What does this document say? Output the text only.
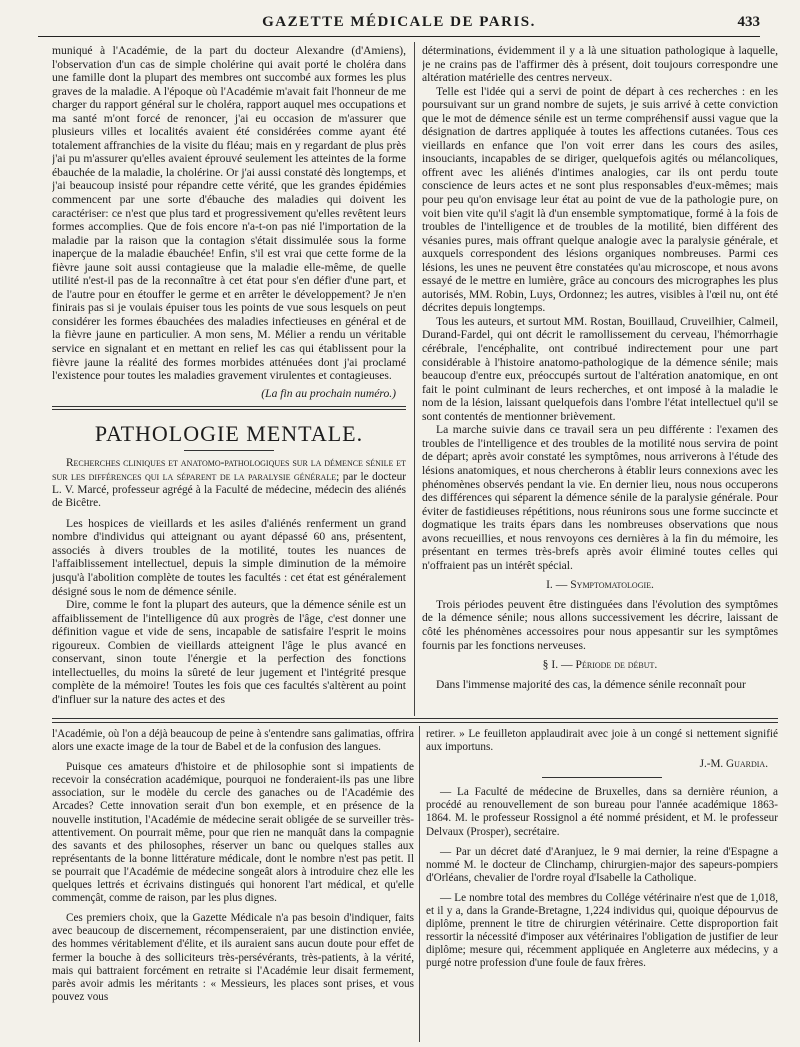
GAZETTE MÉDICALE DE PARIS.	433

muniqué à l'Académie, de la part du docteur Alexandre (d'Amiens), l'observation d'un cas de simple cholérine qui avait porté le choléra dans une famille dont la plupart des membres ont succombé aux formes les plus graves de la maladie. A l'époque où l'Académie m'avait fait l'honneur de me charger du rapport général sur le choléra, rapport auquel mes occupations et ma santé m'ont forcé de renoncer, j'ai eu occasion de m'assurer que plusieurs villes et localités avaient été considérées comme ayant été totalement affranchies de la visite du fléau; mais en y regardant de plus près j'ai pu m'assurer qu'elles avaient éprouvé seulement les atteintes de la forme ébauchée de la maladie, la cholérine. Or j'ai aussi constaté dès longtemps, et j'ai beaucoup insisté pour répandre cette vérité, que les grandes épidémies commencent par une sorte d'ébauche des maladies qui doivent les caractériser: ce n'est que plus tard et progressivement qu'elles revêtent leurs formes accomplies. Que de fois encore n'a-t-on pas nié l'importation de la maladie par la raison que la contagion s'était dissimulée sous la forme inaperçue de la maladie ébauchée! Enfin, s'il est vrai que cette forme de la fièvre jaune soit aussi contagieuse que la maladie elle-même, de quelle utilité n'est-il pas de la reconnaître à cet état pour s'en défier d'une part, et de l'autre pour en étouffer le germe et en arrêter le développement? Je n'en finirais pas si je voulais épuiser tous les points de vue sous lesquels on peut considérer les formes ébauchées des maladies infectieuses en général et de la fièvre jaune en particulier. A mon sens, M. Mélier a rendu un véritable service en signalant et en mettant en relief les cas qui établissent pour la fièvre jaune la réalité des formes morbides atténuées dont j'ai proclamé l'existence pour toutes les maladies gravement virulentes et contagieuses.

(La fin au prochain numéro.)
PATHOLOGIE MENTALE.
Recherches cliniques et anatomo-pathologiques sur la démence sénile et sur les différences qui la séparent de la paralysie générale; par le docteur L. V. Marcé, professeur agrégé à la Faculté de médecine, médecin des aliénés de Bicêtre.

Les hospices de vieillards et les asiles d'aliénés renferment un grand nombre d'individus qui atteignant ou ayant dépassé 60 ans, présentent, associés à divers troubles de la motilité, toutes les nuances de l'affaiblissement intellectuel, depuis la simple diminution de la mémoire jusqu'à l'abolition complète de toutes les facultés : cet état est généralement désigné sous le nom de démence sénile.

Dire, comme le font la plupart des auteurs, que la démence sénile est un affaiblissement de l'intelligence dû aux progrès de l'âge, c'est donner une définition vague et vide de sens, incapable de satisfaire l'esprit le moins rigoureux. Combien de vieillards atteignent l'âge le plus avancé en conservant, sinon toute l'énergie et la perfection des fonctions intellectuelles, du moins la sûreté de leur jugement et l'intégrité presque complète de la mémoire! Toutes les fois que ces facultés s'altèrent au point d'influer sur la nature des actes et des

déterminations, évidemment il y a là une situation pathologique à laquelle, je ne crains pas de l'affirmer dès à présent, doit toujours correspondre une altération matérielle des centres nerveux.

Telle est l'idée qui a servi de point de départ à ces recherches : en les poursuivant sur un grand nombre de sujets, je suis arrivé à cette conviction que le mot de démence sénile est un terme compréhensif aussi vague que la désignation de dartres appliquée à toutes les affections cutanées. Tous ces vieillards en enfance que l'on voit errer dans les cours des asiles, insouciants, incapables de se diriger, quelquefois agités ou mélancoliques, offrent avec les aliénés d'intimes analogies, car ils ont perdu toute conscience de leurs actes et ne sont plus responsables d'eux-mêmes; mais pour peu qu'on envisage leur état au point de vue de la pathologie pure, on voit bien vite qu'il s'agit là d'un ensemble symptomatique, formé à la fois de troubles de l'intelligence et de troubles de la motilité, bien différent des vésanies pures, mais offrant quelque analogie avec la paralysie générale, et auxquels correspondent des lésions organiques nombreuses. Parmi ces lésions, les unes ne peuvent être constatées qu'au microscope, et nous avons essayé de le mettre en lumière, grâce au concours des micrographes les plus autorisés, MM. Robin, Luys, Ordonnez; les autres, visibles à l'œil nu, ont été décrites depuis longtemps.

Tous les auteurs, et surtout MM. Rostan, Bouillaud, Cruveilhier, Calmeil, Durand-Fardel, qui ont décrit le ramollissement du cerveau, l'hémorrhagie cérébrale, l'encéphalite, ont contribué indirectement pour une part considérable à l'histoire anatomo-pathologique de la démence sénile; mais beaucoup d'entre eux, préoccupés surtout de l'altération anatomique, en ont fait le point culminant de leurs recherches, et ont imposé à la maladie le nom de la lésion, laissant quelquefois dans l'ombre l'état intellectuel qu'il se sont contentés de mentionner brièvement.

La marche suivie dans ce travail sera un peu différente : l'examen des troubles de l'intelligence et des troubles de la motilité nous servira de point de départ; après avoir constaté les symptômes, nous arriverons à l'étude des lésions anatomiques, et nous chercherons à établir leurs connexions avec les phénomènes observés pendant la vie. En dernier lieu, nous nous occuperons des différences qui séparent la démence sénile de la paralysie générale. Pour éviter de fastidieuses répétitions, nous réunirons sous une forme succincte et dogmatique les traits épars dans les nombreuses observations que nous avons recueillies, et nous renvoyons ces dernières à la fin du mémoire, les présentant en termes très-brefs après avoir éliminé toutes celles qui n'offraient pas un intérêt spécial.

I. — Symptomatologie.

Trois périodes peuvent être distinguées dans l'évolution des symptômes de la démence sénile; nous allons successivement les décrire, laissant de côté les phénomènes accessoires pour nous appesantir sur les symptômes fournis par les fonctions nerveuses.

§ I. — Période de début.

Dans l'immense majorité des cas, la démence sénile reconnaît pour

l'Académie, où l'on a déjà beaucoup de peine à s'entendre sans galimatias, offrira alors une exacte image de la tour de Babel et de la confusion des langues.

Puisque ces amateurs d'histoire et de philosophie sont si impatients de recevoir la consécration académique, pourquoi ne fonderaient-ils pas une libre association, sur le modèle du cercle des ganaches ou de l'Académie des Arcades? Cette innovation serait d'un bon exemple, et en présence de la nouvelle institution, l'Académie de médecine serait obligée de se surveiller très-attentivement. On pourrait même, pour que rien ne manquât dans la compagnie des savants et des philosophes, réserver un banc ou quelques stalles aux représentants de la bonne littérature médicale, dont le nombre n'est pas petit. Il se pourrait que l'Académie de médecine songeât alors à introduire chez elle les quelques lettrés et écrivains distingués qui honorent l'art médical, et qu'elle commençât, comme de raison, par les plus dignes.

Ces premiers choix, que la Gazette Médicale n'a pas besoin d'indiquer, faits avec beaucoup de discernement, récompenseraient, par une distinction enviée, des hommes véritablement d'élite, et ils auraient sans aucun doute pour effet de fermer la bouche à des solliciteurs très-persévérants, très-patients, à la vérité, mais qui battraient forcément en retraite si l'Académie leur disait fermement, parès avoir admis les méritants : « Messieurs, les places sont prises, et vous pouvez vous

retirer. » Le feuilleton applaudirait avec joie à un congé si nettement signifié aux importuns.

J.-M. Guardia.

— La Faculté de médecine de Bruxelles, dans sa dernière réunion, a procédé au renouvellement de son bureau pour l'année académique 1863-1864. M. le professeur Rossignol a été nommé président, et M. le professeur Delvaux (Prosper), secrétaire.

— Par un décret daté d'Aranjuez, le 9 mai dernier, la reine d'Espagne a nommé M. le docteur de Clinchamp, chirurgien-major des sapeurs-pompiers d'Orléans, chevalier de l'ordre royal d'Isabelle la Catholique.

— Le nombre total des membres du Collége vétérinaire n'est que de 1,018, et il y a, dans la Grande-Bretagne, 1,224 individus qui, quoique dépourvus de diplôme, prennent le titre de chirurgien vétérinaire. Cette disproportion fait ressortir la nécessité d'imposer aux vétérinaires l'obligation de justifier de leur diplôme; mesure qui, récemment appliquée en Angleterre aux médecins, y a purgé notre profession d'une foule de faux frères.
